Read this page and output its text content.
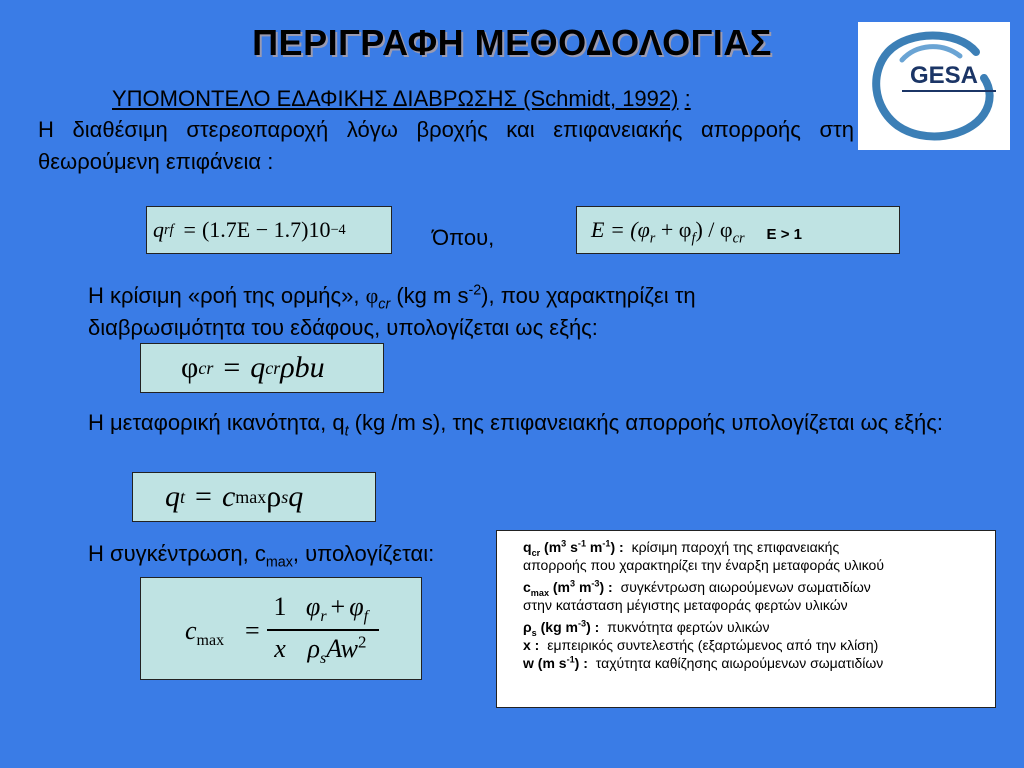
ΠΕΡΙΓΡΑΦΗ ΜΕΘΟΔΟΛΟΓΙΑΣ
GESA
ΥΠΟΜΟΝΤΕΛΟ ΕΔΑΦΙΚΗΣ ΔΙΑΒΡΩΣΗΣ (Schmidt, 1992) :
Η διαθέσιμη στερεοπαροχή λόγω βροχής και επιφανειακής απορροής στη θεωρούμενη επιφάνεια :
q rf = (1.7E − 1.7)10 −4	Όπου,	$E = (\varphi_r + \varphi_f) / \varphi_{cr}$ E > 1
Η κρίσιμη «ροή της ορμής», $\varphi_{cr}$ (kg m $s^{-2}$), που χαρακτηρίζει τη
διαβρωσιμότητα του εδάφους, υπολογίζεται ως εξής:
φ cr = q cr ρbu
Η μεταφορική ικανότητα, $q_t$ (kg /m s), της επιφανειακής απορροής υπολογίζεται ως εξής:
q t = c max ρ s q
Η συγκέντρωση, $c_{max}$, υπολογίζεται:
$c_{max}$ =
1
x
$\varphi_r + \varphi_f$
$\rho_sAw^2$
$q_{cr}$ ($m^3$ $s^{-1}$ $m^{-1}$) : κρίσιμη παροχή της επιφανειακής
απορροής που χαρακτηρίζει την έναρξη μεταφοράς υλικού
$c_{max}$ ($m^3$ $m^{-3}$) : συγκέντρωση αιωρούμενων σωματιδίων
στην κατάσταση μέγιστης μεταφοράς φερτών υλικών
$\rho_s$ (kg $m^{-3}$) : πυκνότητα φερτών υλικών
x : εμπειρικός συντελεστής (εξαρτώμενος από την κλίση)
w (m $s^{-1}$) : ταχύτητα καθίζησης αιωρούμενων σωματιδίων
